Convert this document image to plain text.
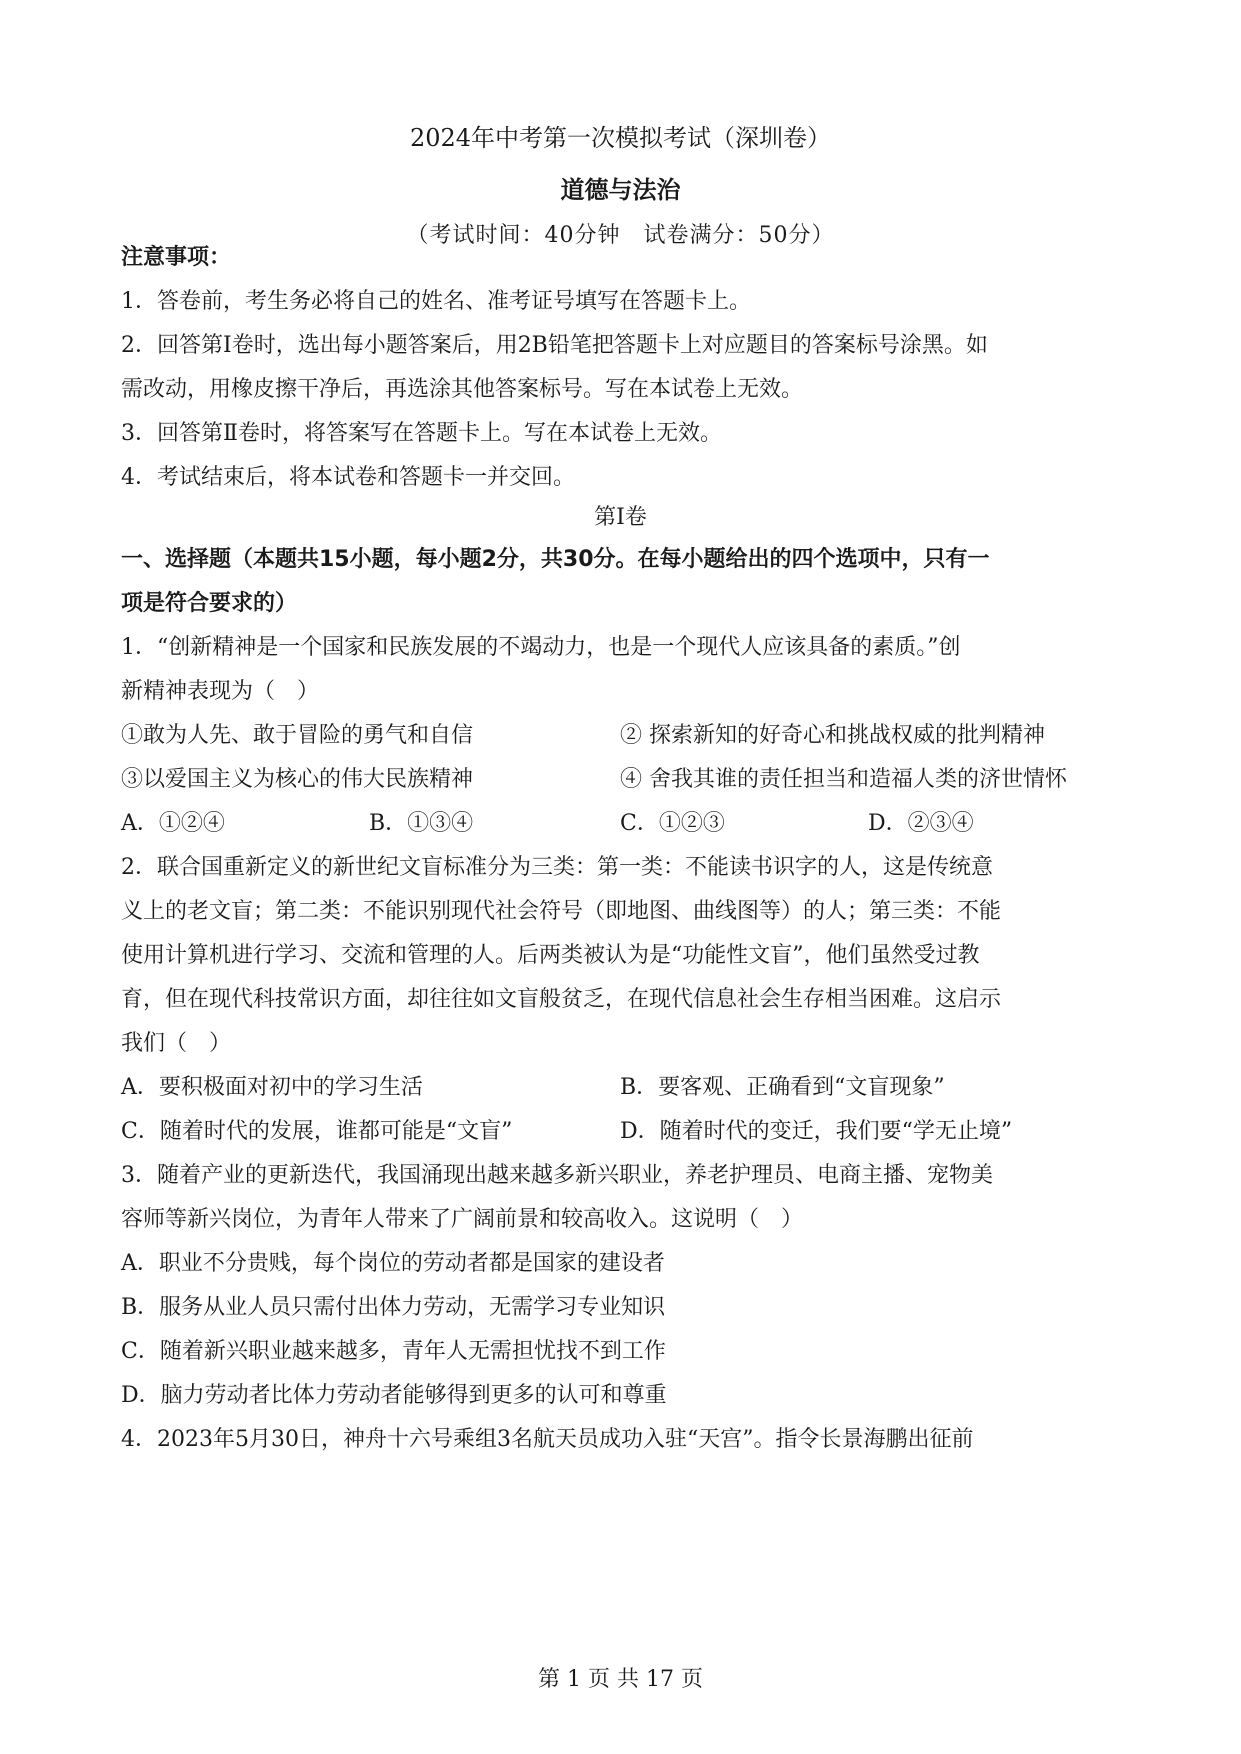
2024年中考第一次模拟考试（深圳卷）
道德与法治
（考试时间：40分钟　试卷满分：50分）
注意事项：
1．答卷前，考生务必将自己的姓名、准考证号填写在答题卡上。
2．回答第Ⅰ卷时，选出每小题答案后，用2B铅笔把答题卡上对应题目的答案标号涂黑。如
需改动，用橡皮擦干净后，再选涂其他答案标号。写在本试卷上无效。
3．回答第Ⅱ卷时，将答案写在答题卡上。写在本试卷上无效。
4．考试结束后，将本试卷和答题卡一并交回。
第Ⅰ卷
一、选择题（本题共15小题，每小题2分，共30分。在每小题给出的四个选项中，只有一
项是符合要求的）
1．“创新精神是一个国家和民族发展的不竭动力，也是一个现代人应该具备的素质。”创
新精神表现为（　）
①敢为人先、敢于冒险的勇气和自信	② 探索新知的好奇心和挑战权威的批判精神
③以爱国主义为核心的伟大民族精神	④ 舍我其谁的责任担当和造福人类的济世情怀
A．①②④	B．①③④	C．①②③	D．②③④
2．联合国重新定义的新世纪文盲标准分为三类：第一类：不能读书识字的人，这是传统意
义上的老文盲；第二类：不能识别现代社会符号（即地图、曲线图等）的人；第三类：不能
使用计算机进行学习、交流和管理的人。后两类被认为是“功能性文盲”，他们虽然受过教
育，但在现代科技常识方面，却往往如文盲般贫乏，在现代信息社会生存相当困难。这启示
我们（　）
A．要积极面对初中的学习生活	B．要客观、正确看到“文盲现象”
C．随着时代的发展，谁都可能是“文盲”	D．随着时代的变迁，我们要“学无止境”
3．随着产业的更新迭代，我国涌现出越来越多新兴职业，养老护理员、电商主播、宠物美
容师等新兴岗位，为青年人带来了广阔前景和较高收入。这说明（　）
A．职业不分贵贱，每个岗位的劳动者都是国家的建设者
B．服务从业人员只需付出体力劳动，无需学习专业知识
C．随着新兴职业越来越多，青年人无需担忧找不到工作
D．脑力劳动者比体力劳动者能够得到更多的认可和尊重
4．2023年5月30日，神舟十六号乘组3名航天员成功入驻“天宫”。指令长景海鹏出征前
第 1 页 共 17 页
